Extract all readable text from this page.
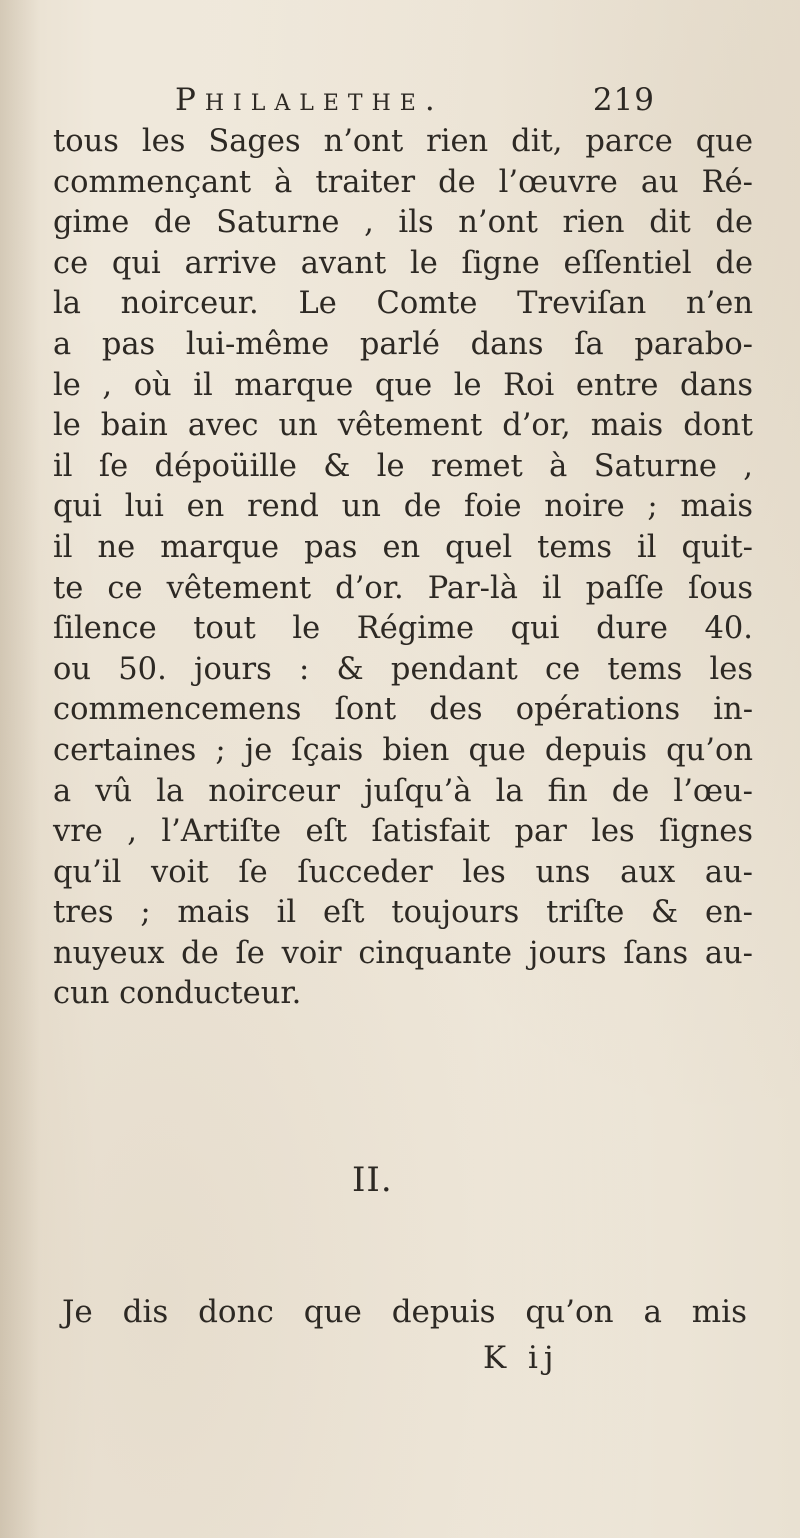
Philalethe.	219
tous les Sages n’ont rien dit, parce que
commençant à traiter de l’œuvre au Ré-
gime de Saturne , ils n’ont rien dit de
ce qui arrive avant le ſigne eſſentiel de
la noirceur. Le Comte Treviſan n’en
a pas lui-même parlé dans ſa parabo-
le , où il marque que le Roi entre dans
le bain avec un vêtement d’or, mais dont
il ſe dépoüille & le remet à Saturne ,
qui lui en rend un de foie noire ; mais
il ne marque pas en quel tems il quit-
te ce vêtement d’or. Par-là il paſſe ſous
ſilence tout le Régime qui dure 40.
ou 50. jours : & pendant ce tems les
commencemens ſont des opérations in-
certaines ; je ſçais bien que depuis qu’on
a vû la noirceur juſqu’à la fin de l’œu-
vre , l’Artiſte eſt ſatisfait par les ſignes
qu’il voit ſe ſucceder les uns aux au-
tres ; mais il eſt toujours triſte & en-
nuyeux de ſe voir cinquante jours ſans au-
cun conducteur.
II.
Je dis donc que depuis qu’on a mis
K ij
